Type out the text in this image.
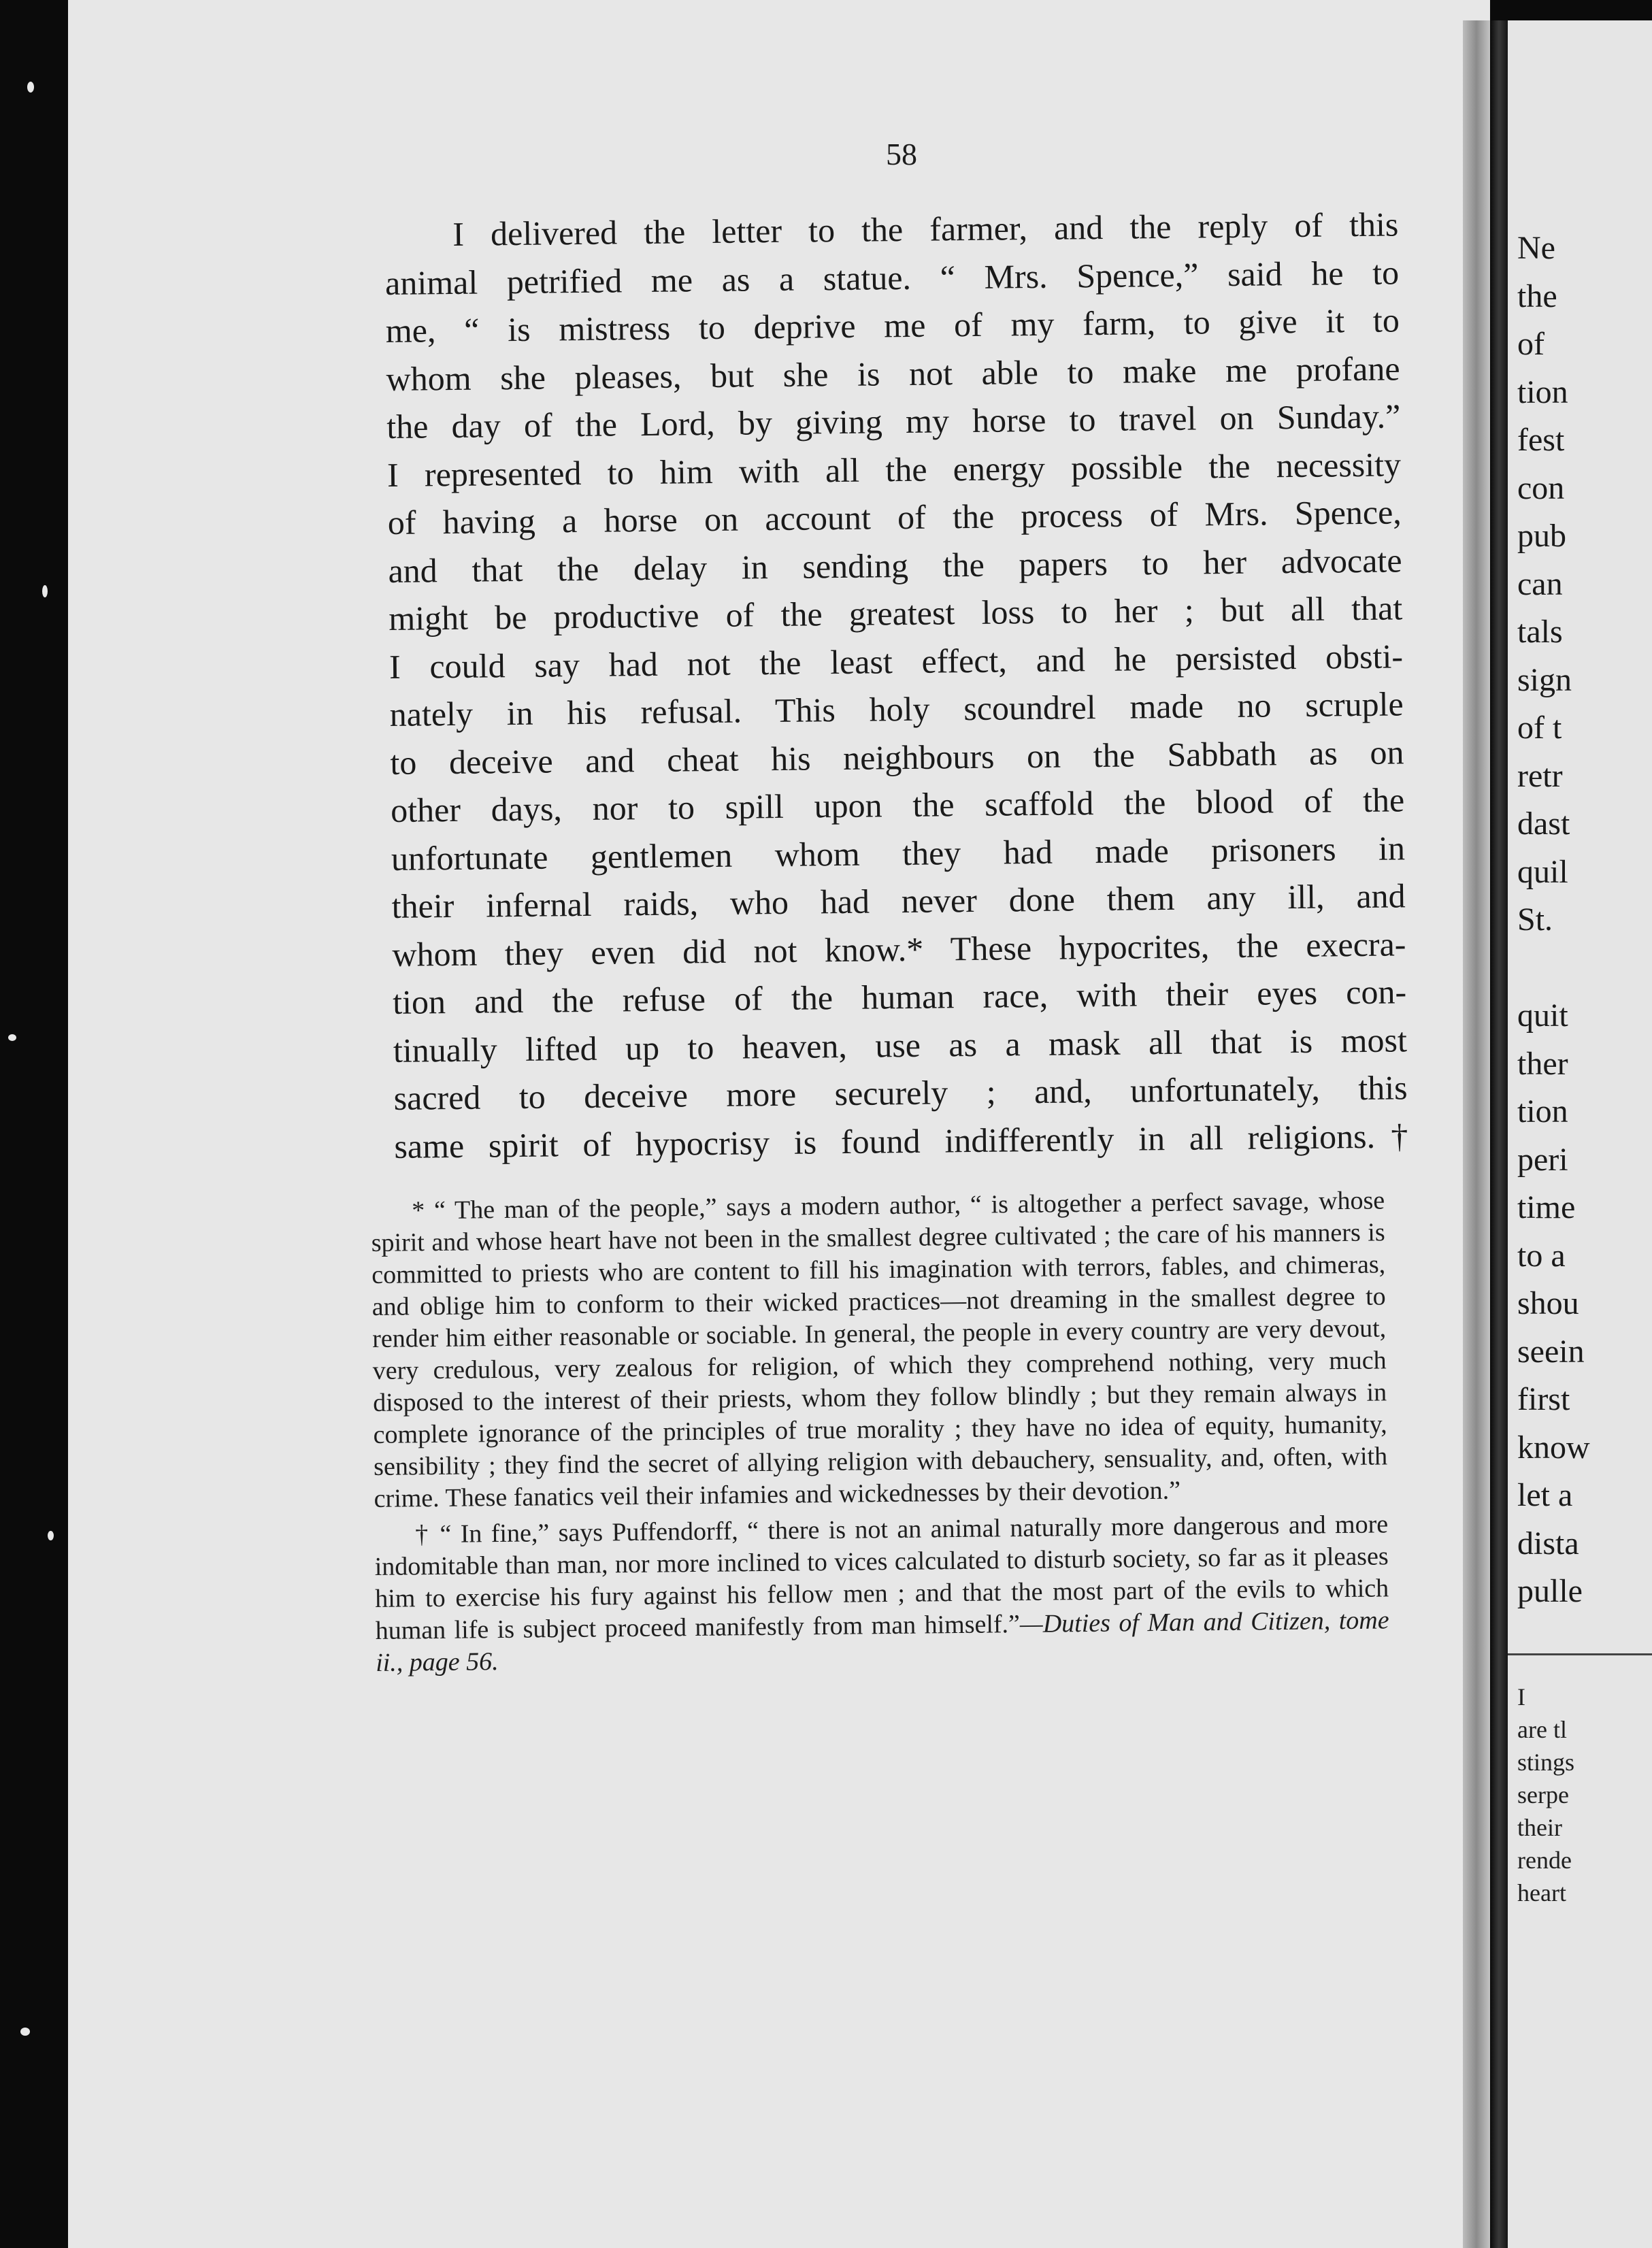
58
I delivered the letter to the farmer, and the reply of this
animal petrified me as a statue. “ Mrs. Spence,” said he to
me, “ is mistress to deprive me of my farm, to give it to
whom she pleases, but she is not able to make me profane
the day of the Lord, by giving my horse to travel on Sunday.”
I represented to him with all the energy possible the necessity
of having a horse on account of the process of Mrs. Spence,
and that the delay in sending the papers to her advocate
might be productive of the greatest loss to her ; but all that
I could say had not the least effect, and he persisted obsti-
nately in his refusal. This holy scoundrel made no scruple
to deceive and cheat his neighbours on the Sabbath as on
other days, nor to spill upon the scaffold the blood of the
unfortunate gentlemen whom they had made prisoners in
their infernal raids, who had never done them any ill, and
whom they even did not know.* These hypocrites, the execra-
tion and the refuse of the human race, with their eyes con-
tinually lifted up to heaven, use as a mask all that is most
sacred to deceive more securely ; and, unfortunately, this
same spirit of hypocrisy is found indifferently in all religions.†

* “ The man of the people,” says a modern author, “ is altogether a perfect savage, whose spirit and whose heart have not been in the smallest degree cultivated ; the care of his manners is committed to priests who are content to fill his imagination with terrors, fables, and chimeras, and oblige him to conform to their wicked practices—not dreaming in the smallest degree to render him either reasonable or sociable. In general, the people in every country are very devout, very credulous, very zealous for religion, of which they comprehend nothing, very much disposed to the interest of their priests, whom they follow blindly ; but they remain always in complete ignorance of the principles of true morality ; they have no idea of equity, humanity, sensibility ; they find the secret of allying religion with debauchery, sensuality, and, often, with crime. These fanatics veil their infamies and wickednesses by their devotion.”

† “ In fine,” says Puffendorff, “ there is not an animal naturally more dangerous and more indomitable than man, nor more inclined to vices calculated to disturb society, so far as it pleases him to exercise his fury against his fellow men ; and that the most part of the evils to which human life is subject proceed manifestly from man himself.”—Duties of Man and Citizen, tome ii., page 56.

Ne
the
of
tion
fest
con
pub
can
tals
sign
of t
retr
dast
quil
St.

quit
ther
tion
peri
time
to a
shou
seein
first
know
let a
dista
pulle
I
are tl
stings
serpe
their
rende
heart
